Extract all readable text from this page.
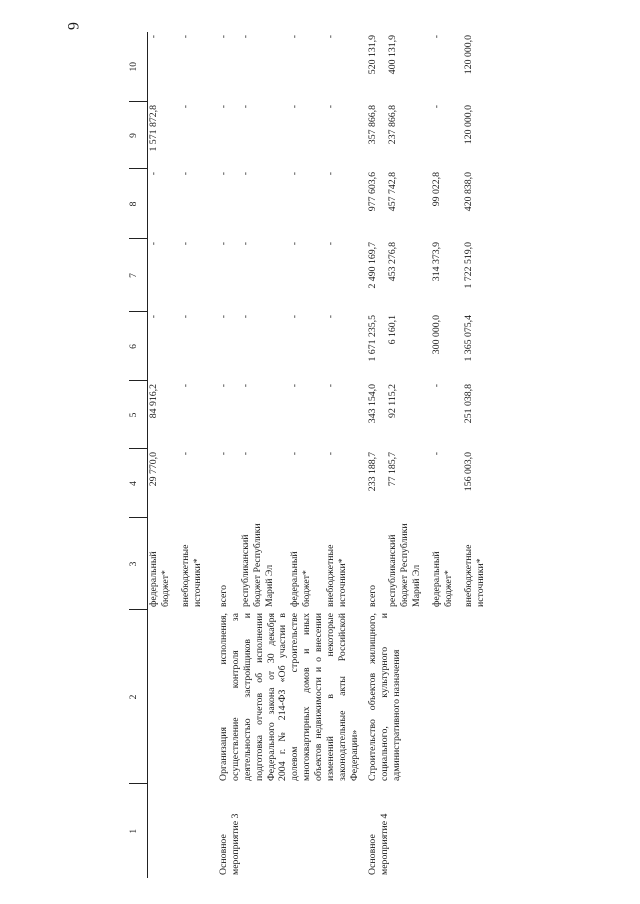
6
1	2	3	4	5	6	7	8	9	10
		федеральный бюджет*	29 770,0	84 916,2	-	-	-	1 571 872,8	-
		внебюджетные источники*	-	-	-	-	-	-	-

Основное мероприятие 3	Организация исполнения, осуществление контроля за деятельностью застройщиков и подготовка отчетов об исполнении Федерального закона от 30 декабря 2004 г. № 214-ФЗ «Об участии в долевом строительстве многоквартирных домов и иных объектов недвижимости и о внесении изменений в некоторые законодательные акты Российской Федерации»	всего	-	-	-	-	-	-	-
		республиканский бюджет Республики Марий Эл	-	-	-	-	-	-	-
		федеральный бюджет*	-	-	-	-	-	-	-
		внебюджетные источники*	-	-	-	-	-	-	-

Основное мероприятие 4	Строительство объектов жилищного, социального, культурного и административного назначения	всего	233 188,7	343 154,0	1 671 235,5	2 490 169,7	977 603,6	357 866,8	520 131,9
		республиканский бюджет Республики Марий Эл	77 185,7	92 115,2	6 160,1	453 276,8	457 742,8	237 866,8	400 131,9
		федеральный бюджет*	-	-	300 000,0	314 373,9	99 022,8	-	-
		внебюджетные источники*	156 003,0	251 038,8	1 365 075,4	1 722 519,0	420 838,0	120 000,0	120 000,0
